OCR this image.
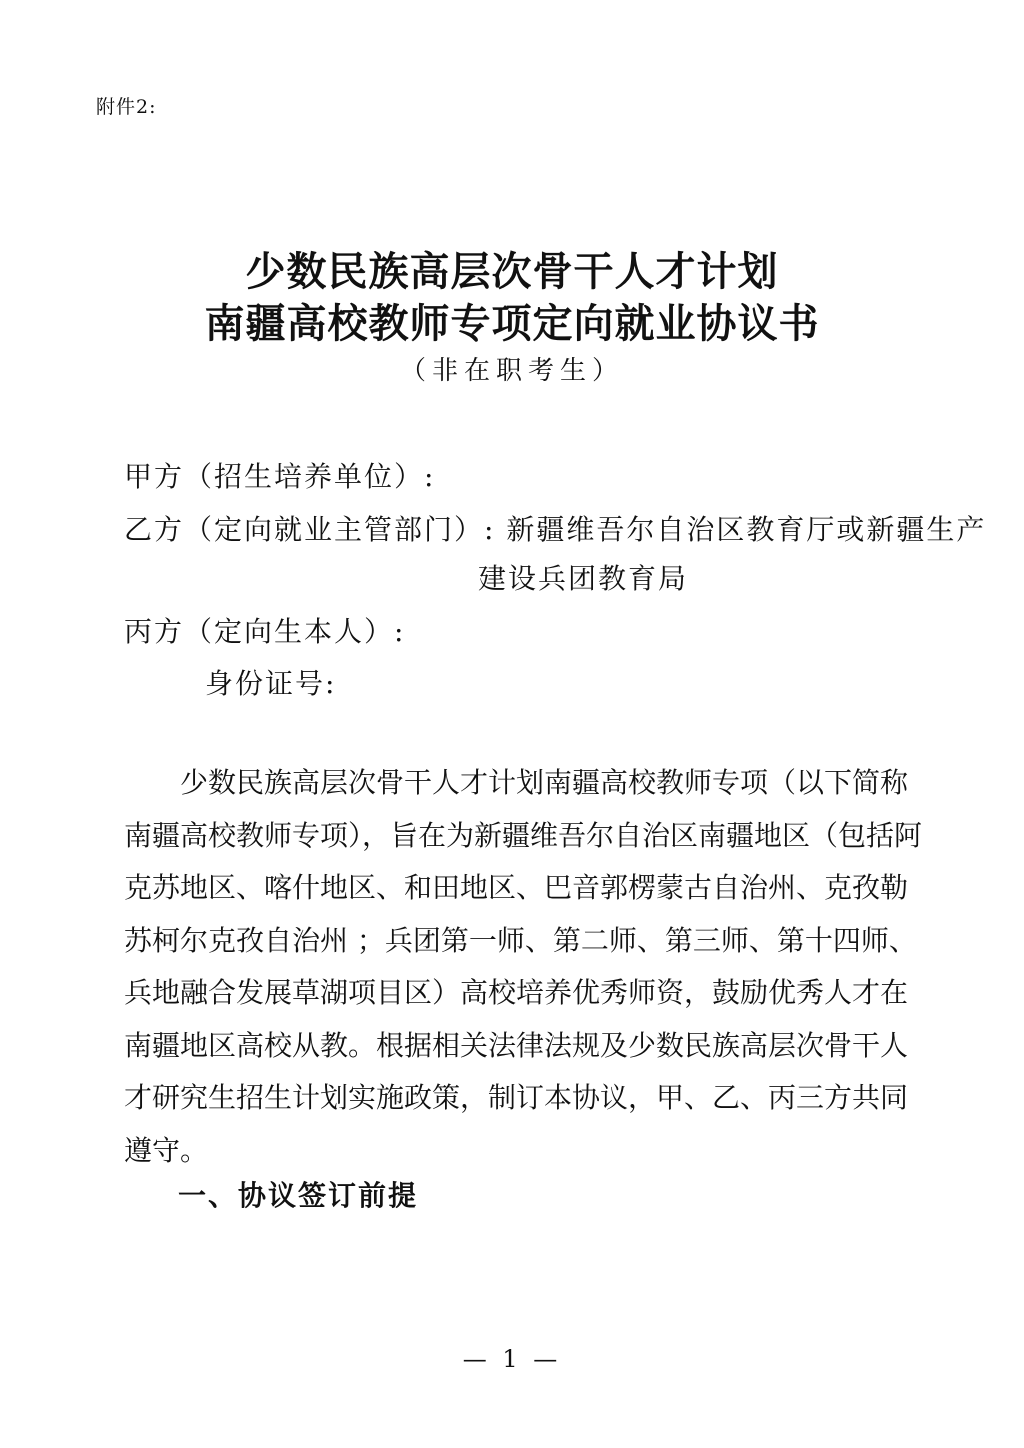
附件2:
少数民族高层次骨干人才计划
南疆高校教师专项定向就业协议书
（非在职考生）
甲方（招生培养单位）:
乙方（定向就业主管部门）: 新疆维吾尔自治区教育厅或新疆生产
建设兵团教育局
丙方（定向生本人）:
身份证号:
少数民族高层次骨干人才计划南疆高校教师专项（以下简称
南疆高校教师专项），旨在为新疆维吾尔自治区南疆地区（包括阿
克苏地区、喀什地区、和田地区、巴音郭楞蒙古自治州、克孜勒
苏柯尔克孜自治州 ；兵团第一师、第二师、第三师、第十四师、
兵地融合发展草湖项目区）高校培养优秀师资，鼓励优秀人才在
南疆地区高校从教。根据相关法律法规及少数民族高层次骨干人
才研究生招生计划实施政策，制订本协议，甲、乙、丙三方共同
遵守。
一、协议签订前提
— 1 —
